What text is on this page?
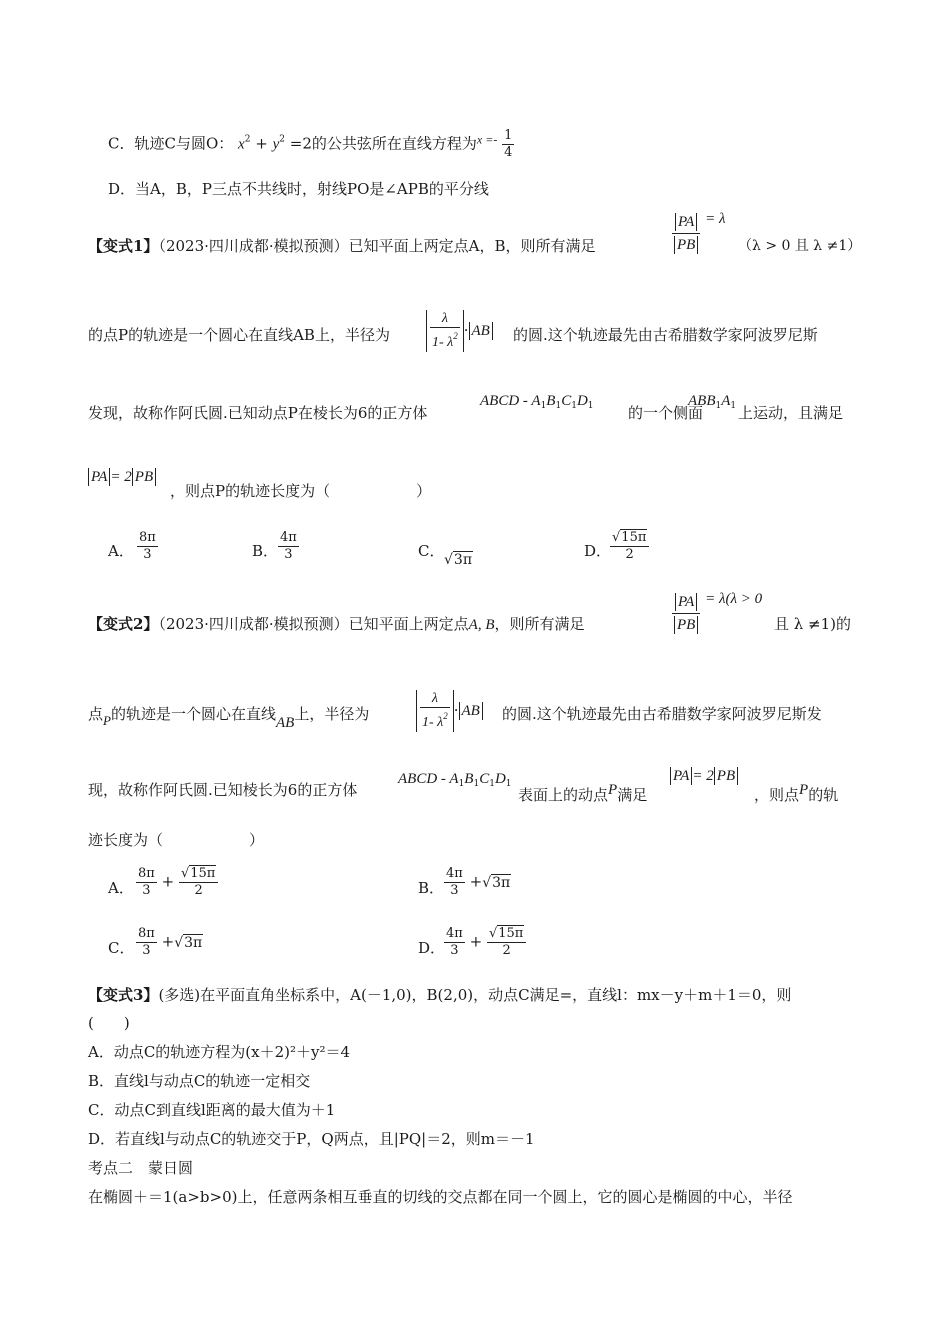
C．轨迹C与圆O： $x^2 + y^2 =2$的公共弦所在直线方程为$^{x =-} \frac{1}{4}$
D．当A，B，P三点不共线时，射线PO是∠APB的平分线
【变式1】（2023·四川成都·模拟预测）已知平面上两定点A，B，则所有满足	$\frac{PA}{PB} = \lambda$
（λ > 0 且 λ ≠1）
的点P的轨迹是一个圆心在直线AB上，半径为	$\frac{\lambda}{1- \lambda^2}$ · AB 的圆.这个轨迹最先由古希腊数学家阿波罗尼斯
发现，故称作阿氏圆.已知动点P在棱长为6的正方体
ABCD - $A_1B_1C_1D_1$ 的一个侧面
$ABB_1A_1$ 上运动，且满足
PA = 2 PB
，则点P的轨迹长度为（	）
A． $\frac{8\pi}{3}$	B． $\frac{4\pi}{3}$	C． √3π	D．
$\frac{√15\pi}{2}$
【变式2】（2023·四川成都·模拟预测）已知平面上两定点A, B，则所有满足	$\frac{PA}{PB} = \lambda(\lambda > 0$
且 λ ≠1)的
点P的轨迹是一个圆心在直线AB上，半径为	$\frac{\lambda}{1- \lambda^2}$ · AB 的圆.这个轨迹最先由古希腊数学家阿波罗尼斯发
现，故称作阿氏圆.已知棱长为6的正方体
ABCD - $A_1B_1C_1D_1$
表面上的动点P满足
PA = 2 PB
，则点P的轨
迹长度为（	）
A． $\frac{8\pi}{3} + \frac{√15\pi}{2}$	B． $\frac{4\pi}{3} +√3\pi$
C． $\frac{8\pi}{3} +√3\pi$	D．
$\frac{4\pi}{3} + \frac{√15\pi}{2}$
【变式3】(多选)在平面直角坐标系中，A(－1,0)，B(2,0)，动点C满足=，直线l：mx－y＋m＋1＝0，则
(　　)
A．动点C的轨迹方程为(x＋2)²＋y²＝4
B．直线l与动点C的轨迹一定相交
C．动点C到直线l距离的最大值为＋1
D．若直线l与动点C的轨迹交于P，Q两点，且|PQ|＝2，则m＝－1
考点二　蒙日圆
在椭圆＋＝1(a>b>0)上，任意两条相互垂直的切线的交点都在同一个圆上，它的圆心是椭圆的中心，半径
